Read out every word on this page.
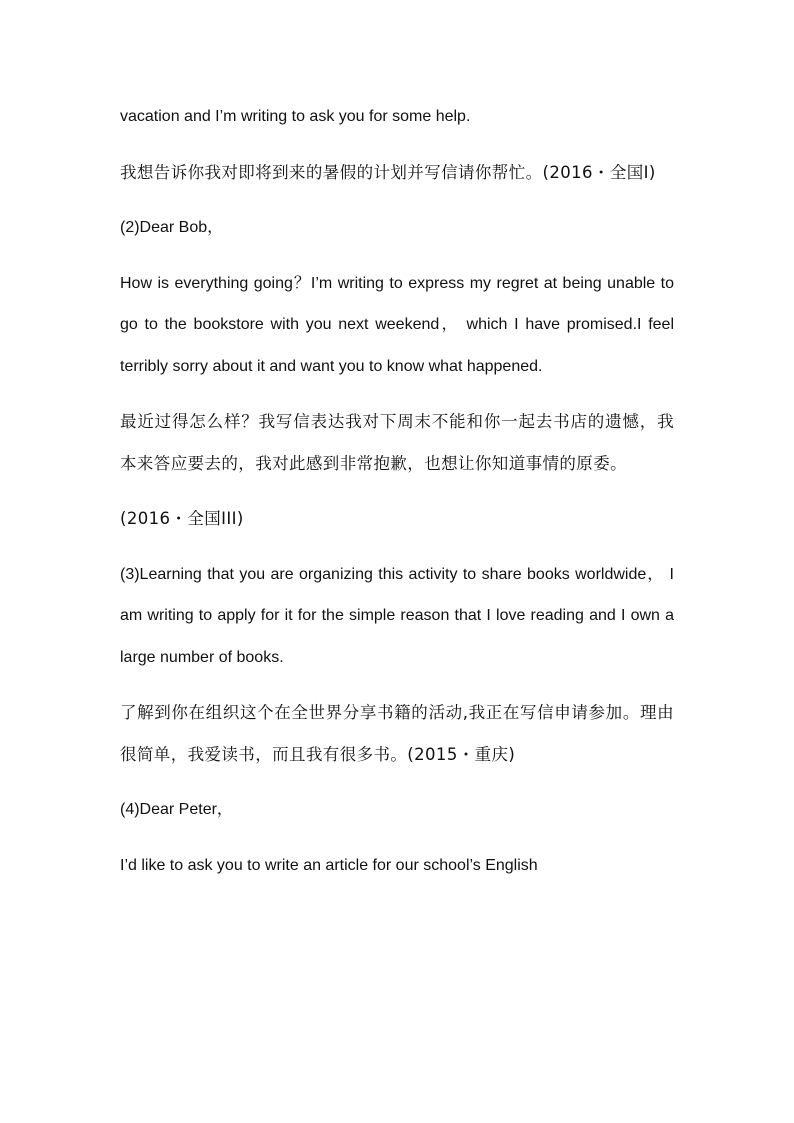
vacation and I’m writing to ask you for some help.

我想告诉你我对即将到来的暑假的计划并写信请你帮忙。(2016・全国Ⅰ)

(2)Dear Bob，

How is everything going？I’m writing to express my regret at being unable to go to the bookstore with you next weekend， which I have promised.I feel terribly sorry about it and want you to know what happened.

最近过得怎么样？我写信表达我对下周末不能和你一起去书店的遗憾，我本来答应要去的，我对此感到非常抱歉，也想让你知道事情的原委。

(2016・全国III)

(3)Learning that you are organizing this activity to share books worldwide， I am writing to apply for it for the simple reason that I love reading and I own a large number of books.

了解到你在组织这个在全世界分享书籍的活动,我正在写信申请参加。理由很简单，我爱读书，而且我有很多书。(2015・重庆)

(4)Dear Peter，

I’d like to ask you to write an article for our school’s English
